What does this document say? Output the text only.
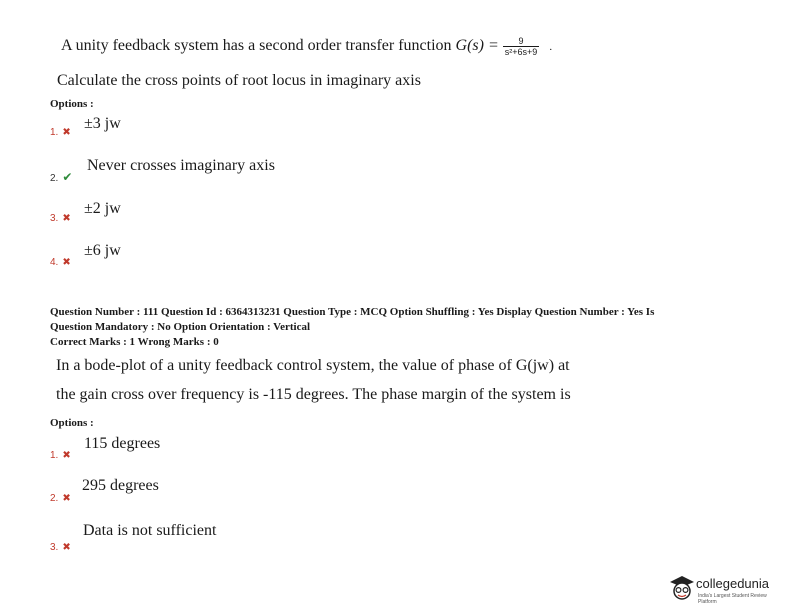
A unity feedback system has a second order transfer function $G(s) = \frac{9}{\text{s²+6s+9}}$ .
Calculate the cross points of root locus in imaginary axis
Options :
1. ✖
±3 jw
2. ✔
Never crosses imaginary axis
3. ✖
±2 jw
4. ✖
±6 jw
Question Number : 111 Question Id : 6364313231 Question Type : MCQ Option Shuffling : Yes Display Question Number : Yes Is
Question Mandatory : No Option Orientation : Vertical
Correct Marks : 1 Wrong Marks : 0
In a bode-plot of a unity feedback control system, the value of phase of G(jw) at
the gain cross over frequency is -115 degrees. The phase margin of the system is
Options :
1. ✖
115 degrees
2. ✖
295 degrees
3. ✖
Data is not sufficient
collegedunia
India's Largest Student Review Platform
